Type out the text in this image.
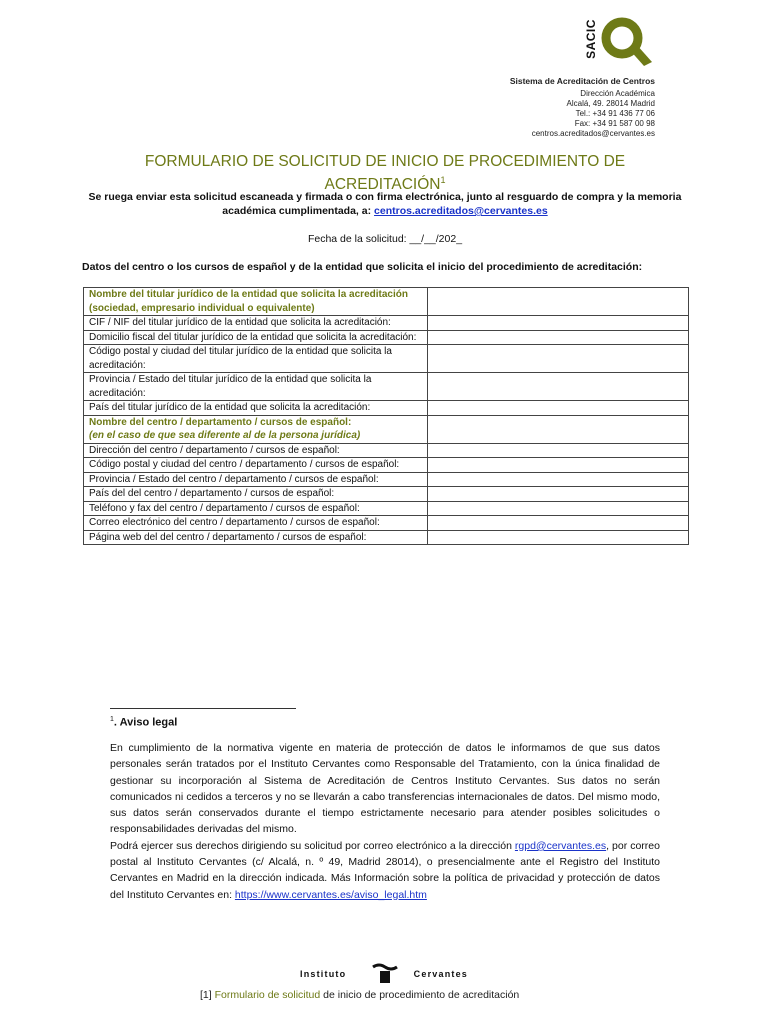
SACIC
Sistema de Acreditación de Centros
Dirección Académica
Alcalá, 49. 28014 Madrid
Tel.: +34 91 436 77 06
Fax: +34 91 587 00 98
centros.acreditados@cervantes.es
FORMULARIO DE SOLICITUD DE INICIO DE PROCEDIMIENTO DE
ACREDITACIÓN$^1$
Se ruega enviar esta solicitud escaneada y firmada o con firma electrónica, junto al resguardo de compra y la memoria académica cumplimentada, a: centros.acreditados@cervantes.es
Fecha de la solicitud: __/__/202_
Datos del centro o los cursos de español y de la entidad que solicita el inicio del procedimiento de acreditación:
Nombre del titular jurídico de la entidad que solicita la acreditación (sociedad, empresario individual o equivalente)	
CIF / NIF del titular jurídico de la entidad que solicita la acreditación:	
Domicilio fiscal del titular jurídico de la entidad que solicita la acreditación:	
Código postal y ciudad del titular jurídico de la entidad que solicita la acreditación:	
Provincia / Estado del titular jurídico de la entidad que solicita la acreditación:	
País del titular jurídico de la entidad que solicita la acreditación:	

Nombre del centro / departamento / cursos de español:
(en el caso de que sea diferente al de la persona jurídica)	

Dirección del centro / departamento / cursos de español:	
Código postal y ciudad del centro / departamento / cursos de español:	
Provincia / Estado del centro / departamento / cursos de español:	
País del del centro / departamento / cursos de español:	
Teléfono y fax del centro / departamento / cursos de español:	
Correo electrónico del centro / departamento / cursos de español:	
Página web del del centro / departamento / cursos de español:	
$^1$. Aviso legal
En cumplimiento de la normativa vigente en materia de protección de datos le informamos de que sus datos personales serán tratados por el Instituto Cervantes como Responsable del Tratamiento, con la única finalidad de gestionar su incorporación al Sistema de Acreditación de Centros Instituto Cervantes. Sus datos no serán comunicados ni cedidos a terceros y no se llevarán a cabo transferencias internacionales de datos. Del mismo modo, sus datos serán conservados durante el tiempo estrictamente necesario para atender posibles solicitudes o responsabilidades derivadas del mismo.
Podrá ejercer sus derechos dirigiendo su solicitud por correo electrónico a la dirección rgpd@cervantes.es, por correo postal al Instituto Cervantes (c/ Alcalá, n. º 49, Madrid 28014), o presencialmente ante el Registro del Instituto Cervantes en Madrid en la dirección indicada. Más Información sobre la política de privacidad y protección de datos del Instituto Cervantes en: https://www.cervantes.es/aviso_legal.htm
Instituto	Cervantes
[1] Formulario de solicitud de inicio de procedimiento de acreditación
